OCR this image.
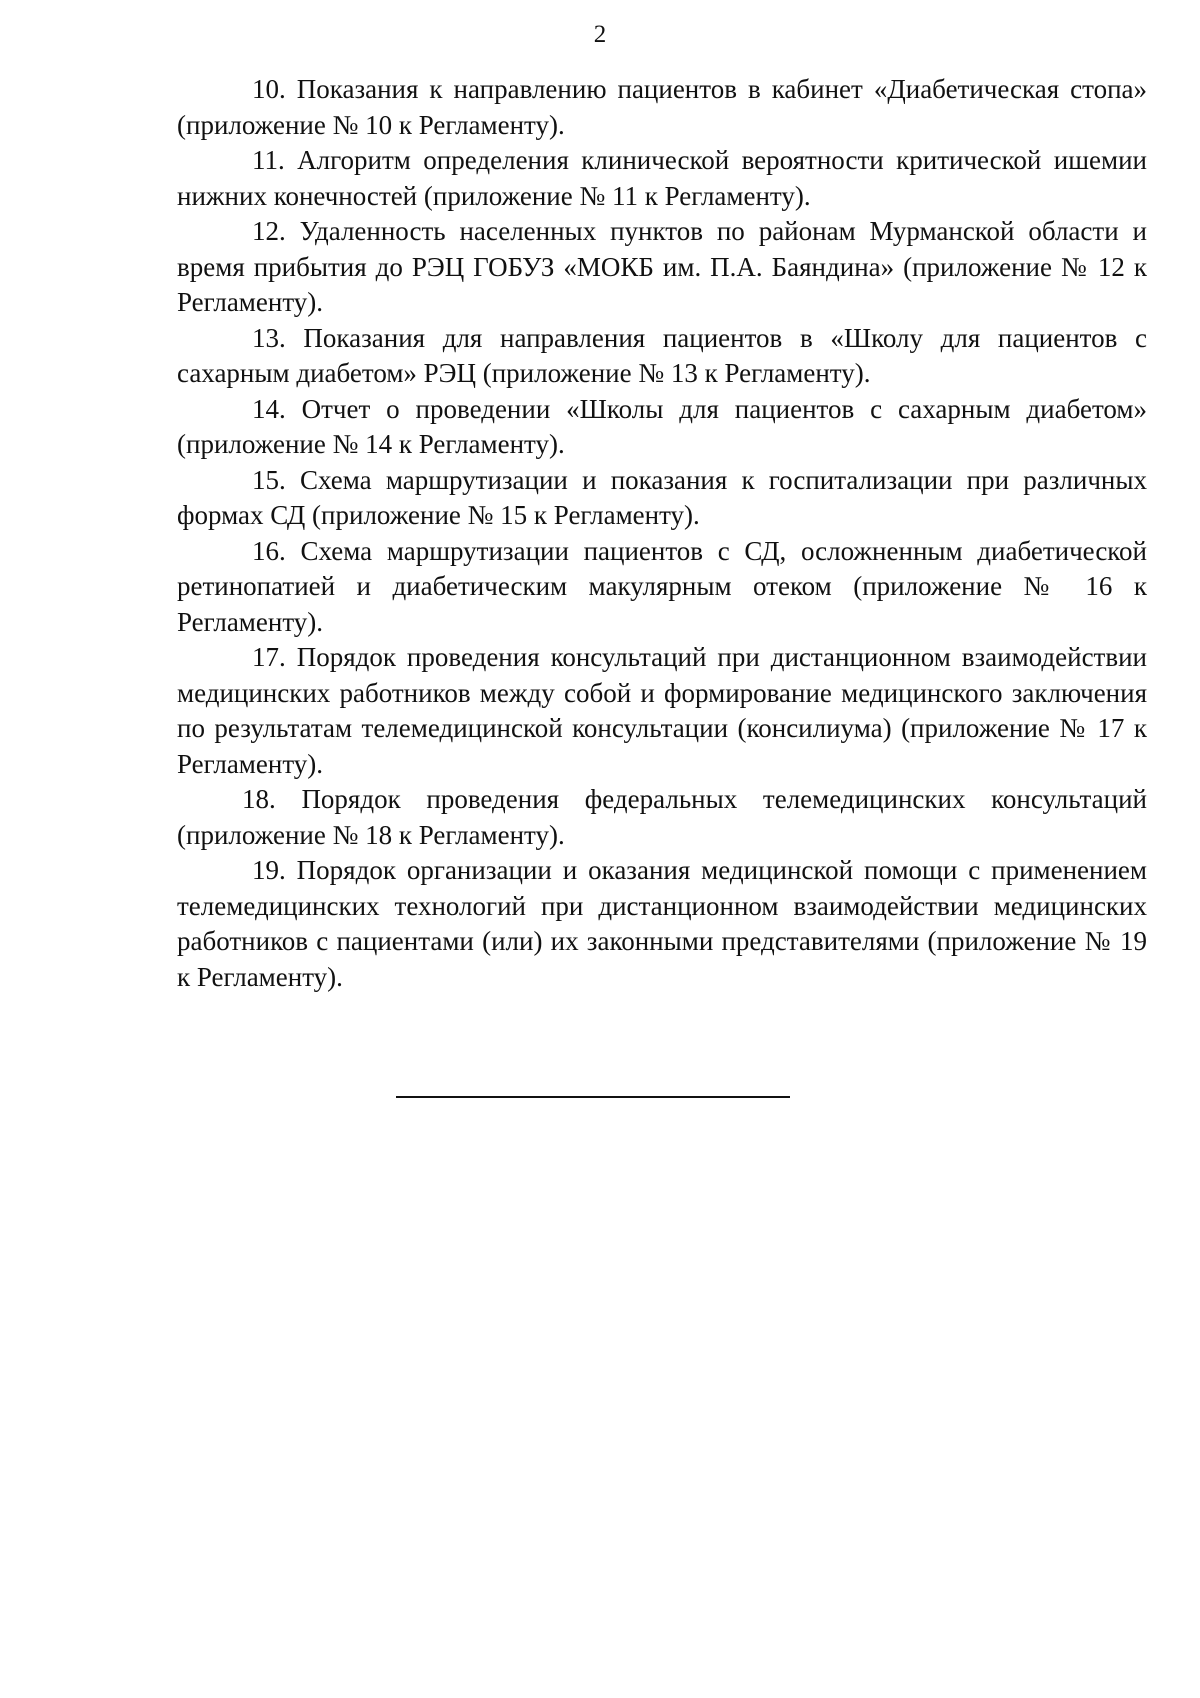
2

10. Показания к направлению пациентов в кабинет «Диабетическая стопа» (приложение № 10 к Регламенту).

11. Алгоритм определения клинической вероятности критической ишемии нижних конечностей (приложение № 11 к Регламенту).

12. Удаленность населенных пунктов по районам Мурманской области и время прибытия до РЭЦ ГОБУЗ «МОКБ им. П.А. Баяндина» (приложение № 12 к Регламенту).

13. Показания для направления пациентов в «Школу для пациентов с сахарным диабетом» РЭЦ (приложение № 13 к Регламенту).

14. Отчет о проведении «Школы для пациентов с сахарным диабетом» (приложение № 14 к Регламенту).

15. Схема маршрутизации и показания к госпитализации при различных формах СД (приложение № 15 к Регламенту).

16. Схема маршрутизации пациентов с СД, осложненным диабетической ретинопатией и диабетическим макулярным отеком (приложение № 16 к Регламенту).

17. Порядок проведения консультаций при дистанционном взаимодействии медицинских работников между собой и формирование медицинского заключения по результатам телемедицинской консультации (консилиума) (приложение № 17 к Регламенту).

18. Порядок проведения федеральных телемедицинских консультаций (приложение № 18 к Регламенту).

19. Порядок организации и оказания медицинской помощи с применением телемедицинских технологий при дистанционном взаимодействии медицинских работников с пациентами (или) их законными представителями (приложение № 19 к Регламенту).
